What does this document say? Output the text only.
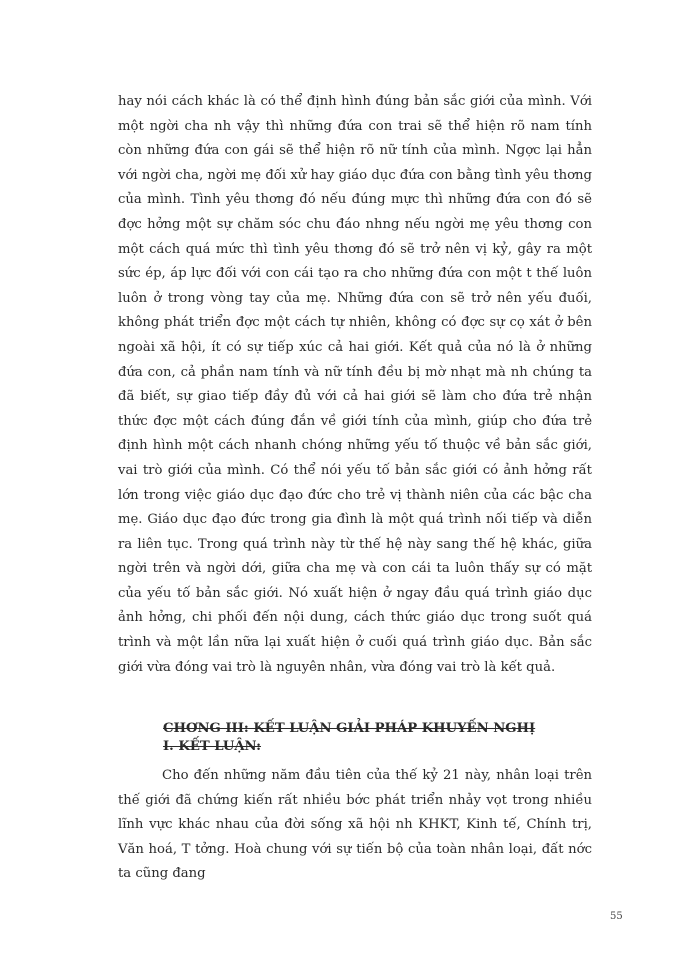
hay nói cách khác là có thể định hình đúng bản sắc giới của mình. Với một ngời cha nh vậy thì những đứa con trai sẽ thể hiện rõ nam tính còn những đứa con gái sẽ thể hiện rõ nữ tính của mình. Ngợc lại hẳn với ngời cha, ngời mẹ đối xử hay giáo dục đứa con bằng tình yêu thơng của mình. Tình yêu thơng đó nếu đúng mực thì những đứa con đó sẽ đợc hởng một sự chăm sóc chu đáo nhng nếu ngời mẹ yêu thơng con một cách quá mức thì tình yêu thơng đó sẽ trở nên vị kỷ, gây ra một sức ép, áp lực đối với con cái tạo ra cho những đứa con một t thế luôn luôn ở trong vòng tay của mẹ. Những đứa con sẽ trở nên yếu đuối, không phát triển đợc một cách tự nhiên, không có đợc sự cọ xát ở bên ngoài xã hội, ít có sự tiếp xúc cả hai giới. Kết quả của nó là ở những đứa con, cả phần nam tính và nữ tính đều bị mờ nhạt mà nh chúng ta đã biết, sự giao tiếp đầy đủ với cả hai giới sẽ làm cho đứa trẻ nhận thức đợc một cách đúng đắn về giới tính của mình, giúp cho đứa trẻ định hình một cách nhanh chóng những yếu tố thuộc về bản sắc giới, vai trò giới của mình. Có thể nói yếu tố bản sắc giới có ảnh hởng rất lớn trong việc giáo dục đạo đức cho trẻ vị thành niên của các bậc cha mẹ. Giáo dục đạo đức trong gia đình là một quá trình nối tiếp và diễn ra liên tục. Trong quá trình này từ thế hệ này sang thế hệ khác, giữa ngời trên và ngời dới, giữa cha mẹ và con cái ta luôn thấy sự có mặt của yếu tố bản sắc giới. Nó xuất hiện ở ngay đầu quá trình giáo dục ảnh hởng, chi phối đến nội dung, cách thức giáo dục trong suốt quá trình và một lần nữa lại xuất hiện ở cuối quá trình giáo dục. Bản sắc giới vừa đóng vai trò là nguyên nhân, vừa đóng vai trò là kết quả.

CHƠNG III: KẾT LUẬN GIẢI PHÁP KHUYẾN NGHỊ
I. KẾT LUẬN:

Cho đến những năm đầu tiên của thế kỷ 21 này, nhân loại trên thế giới đã chứng kiến rất nhiều bớc phát triển nhảy vọt trong nhiều lĩnh vực khác nhau của đời sống xã hội nh KHKT, Kinh tế, Chính trị, Văn hoá, T tởng. Hoà chung với sự tiến bộ của toàn nhân loại, đất nớc ta cũng đang

55
